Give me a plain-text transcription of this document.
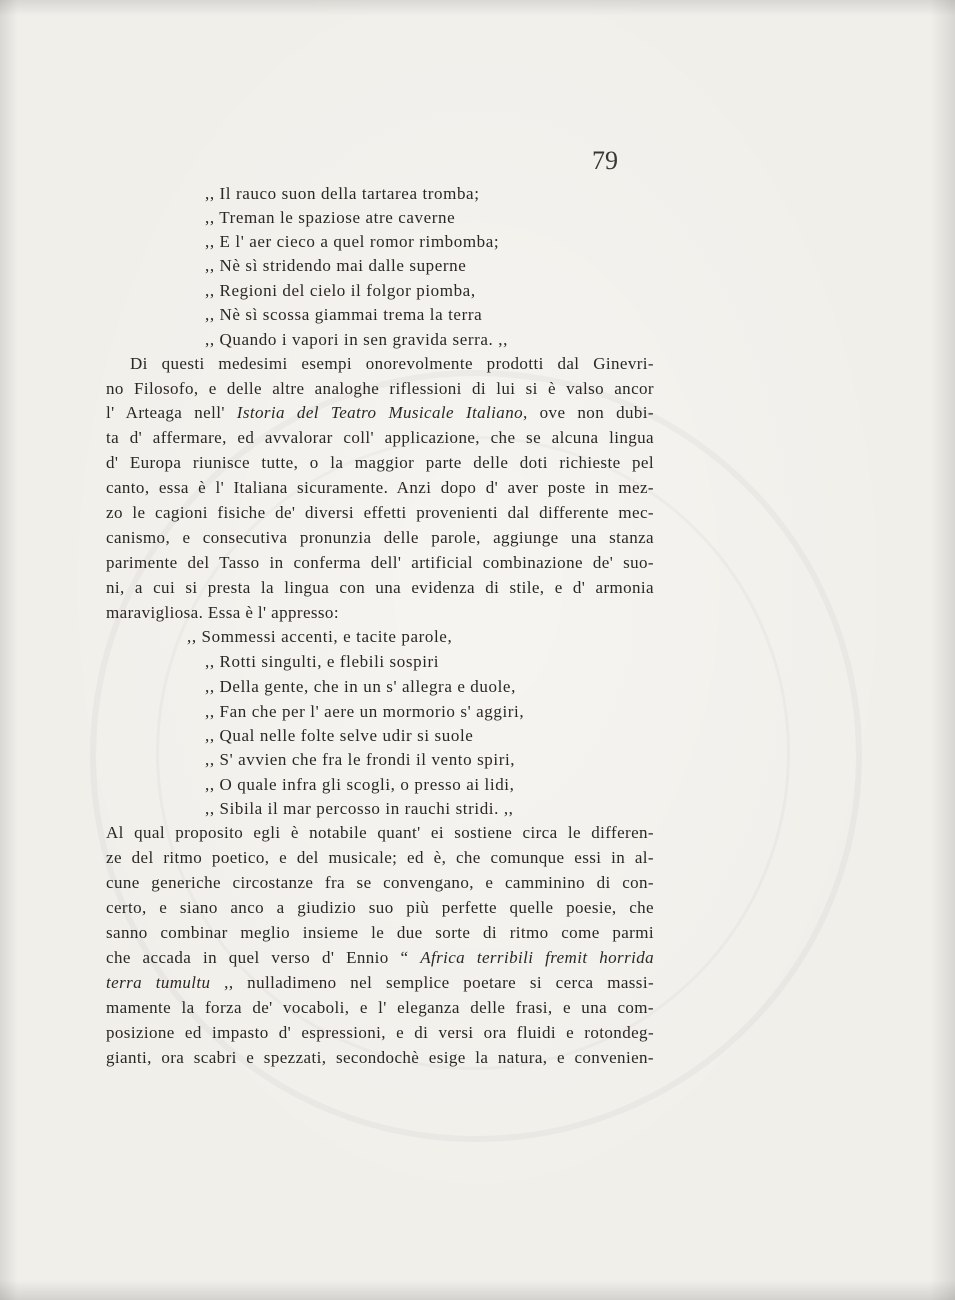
79

,, Il rauco suon della tartarea tromba;

,, Treman le spaziose atre caverne

,, E l' aer cieco a quel romor rimbomba;

,, Nè sì stridendo mai dalle superne

,, Regioni del cielo il folgor piomba,

,, Nè sì scossa giammai trema la terra

,, Quando i vapori in sen gravida serra. ,,

Di questi medesimi esempi onorevolmente prodotti dal Ginevri-

no Filosofo, e delle altre analoghe riflessioni di lui si è valso ancor

l' Arteaga nell' Istoria del Teatro Musicale Italiano, ove non dubi-

ta d' affermare, ed avvalorar coll' applicazione, che se alcuna lingua

d' Europa riunisce tutte, o la maggior parte delle doti richieste pel

canto, essa è l' Italiana sicuramente. Anzi dopo d' aver poste in mez-

zo le cagioni fisiche de' diversi effetti provenienti dal differente mec-

canismo, e consecutiva pronunzia delle parole, aggiunge una stanza

parimente del Tasso in conferma dell' artificial combinazione de' suo-

ni, a cui si presta la lingua con una evidenza di stile, e d' armonia

maravigliosa. Essa è l' appresso:

,, Sommessi accenti, e tacite parole,

,, Rotti singulti, e flebili sospiri

,, Della gente, che in un s' allegra e duole,

,, Fan che per l' aere un mormorio s' aggiri,

,, Qual nelle folte selve udir si suole

,, S' avvien che fra le frondi il vento spiri,

,, O quale infra gli scogli, o presso ai lidi,

,, Sibila il mar percosso in rauchi stridi. ,,

Al qual proposito egli è notabile quant' ei sostiene circa le differen-

ze del ritmo poetico, e del musicale; ed è, che comunque essi in al-

cune generiche circostanze fra se convengano, e camminino di con-

certo, e siano anco a giudizio suo più perfette quelle poesie, che

sanno combinar meglio insieme le due sorte di ritmo come parmi

che accada in quel verso d' Ennio “ Africa terribili fremit horrida

terra tumultu ,, nulladimeno nel semplice poetare si cerca massi-

mamente la forza de' vocaboli, e l' eleganza delle frasi, e una com-

posizione ed impasto d' espressioni, e di versi ora fluidi e rotondeg-

gianti, ora scabri e spezzati, secondochè esige la natura, e convenien-
